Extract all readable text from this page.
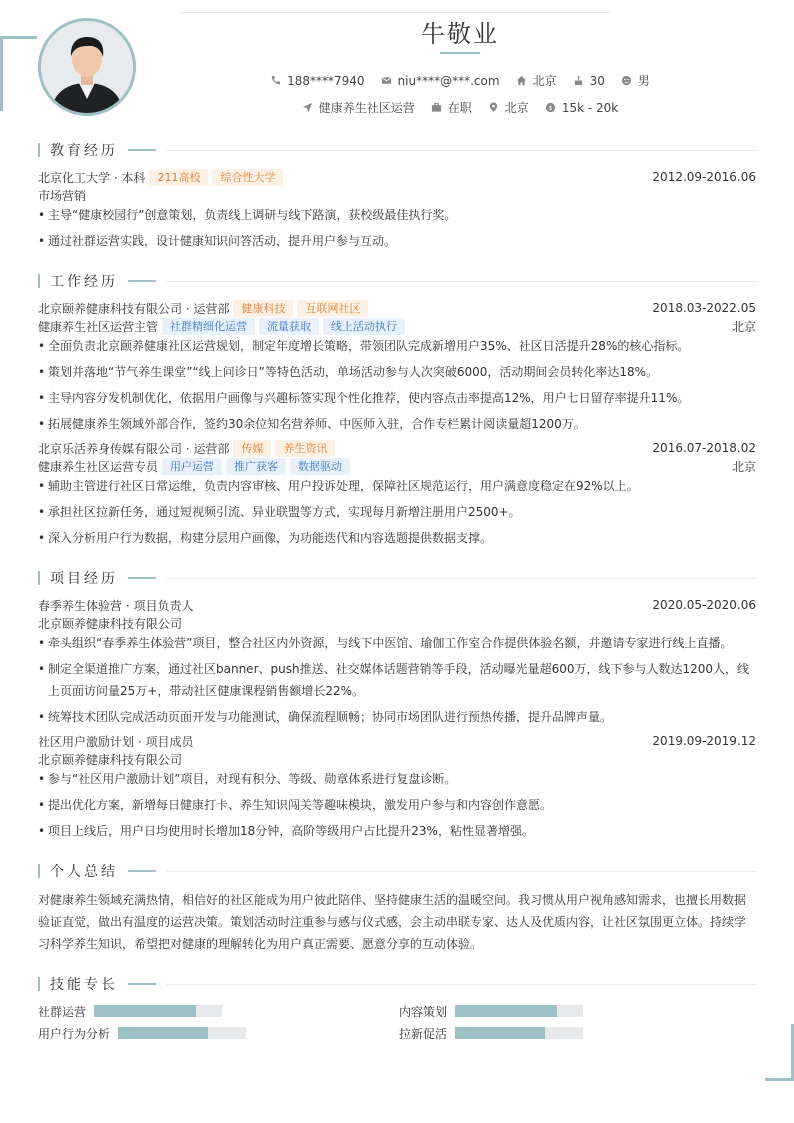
牛敬业
188****7940	niu****@***.com	北京	30	男
健康养生社区运营	在职	北京	$ 15k - 20k
教育经历
北京化工大学 · 本科	211高校	综合性大学	2012.09-2016.06
市场营销
• 主导“健康校园行”创意策划，负责线上调研与线下路演，获校级最佳执行奖。
• 通过社群运营实践，设计健康知识问答活动，提升用户参与互动。
工作经历
北京颐养健康科技有限公司 · 运营部	健康科技	互联网社区	2018.03-2022.05
健康养生社区运营主管	社群精细化运营	流量获取	线上活动执行	北京
• 全面负责北京颐养健康社区运营规划，制定年度增长策略，带领团队完成新增用户35%、社区日活提升28%的核心指标。
• 策划并落地“节气养生课堂”“线上问诊日”等特色活动，单场活动参与人次突破6000，活动期间会员转化率达18%。
• 主导内容分发机制优化，依据用户画像与兴趣标签实现个性化推荐，使内容点击率提高12%，用户七日留存率提升11%。
• 拓展健康养生领域外部合作，签约30余位知名营养师、中医师入驻，合作专栏累计阅读量超1200万。
北京乐活养身传媒有限公司 · 运营部	传媒	养生资讯	2016.07-2018.02
健康养生社区运营专员	用户运营	推广获客	数据驱动	北京
• 辅助主管进行社区日常运维，负责内容审核、用户投诉处理，保障社区规范运行，用户满意度稳定在92%以上。
• 承担社区拉新任务，通过短视频引流、异业联盟等方式，实现每月新增注册用户2500+。
• 深入分析用户行为数据，构建分层用户画像，为功能迭代和内容选题提供数据支撑。
项目经历
春季养生体验营 · 项目负责人	2020.05-2020.06
北京颐养健康科技有限公司
• 牵头组织“春季养生体验营”项目，整合社区内外资源，与线下中医馆、瑜伽工作室合作提供体验名额，并邀请专家进行线上直播。
• 制定全渠道推广方案，通过社区banner、push推送、社交媒体话题营销等手段，活动曝光量超600万，线下参与人数达1200人，线上页面访问量25万+，带动社区健康课程销售额增长22%。
• 统筹技术团队完成活动页面开发与功能测试，确保流程顺畅；协同市场团队进行预热传播，提升品牌声量。
社区用户激励计划 · 项目成员	2019.09-2019.12
北京颐养健康科技有限公司
• 参与“社区用户激励计划”项目，对现有积分、等级、勋章体系进行复盘诊断。
• 提出优化方案，新增每日健康打卡、养生知识闯关等趣味模块，激发用户参与和内容创作意愿。
• 项目上线后，用户日均使用时长增加18分钟，高阶等级用户占比提升23%，粘性显著增强。
个人总结
对健康养生领域充满热情，相信好的社区能成为用户彼此陪伴、坚持健康生活的温暖空间。我习惯从用户视角感知需求，也擅长用数据验证直觉，做出有温度的运营决策。策划活动时注重参与感与仪式感，会主动串联专家、达人及优质内容，让社区氛围更立体。持续学习科学养生知识，希望把对健康的理解转化为用户真正需要、愿意分享的互动体验。
技能专长
社群运营	内容策划
用户行为分析	拉新促活
